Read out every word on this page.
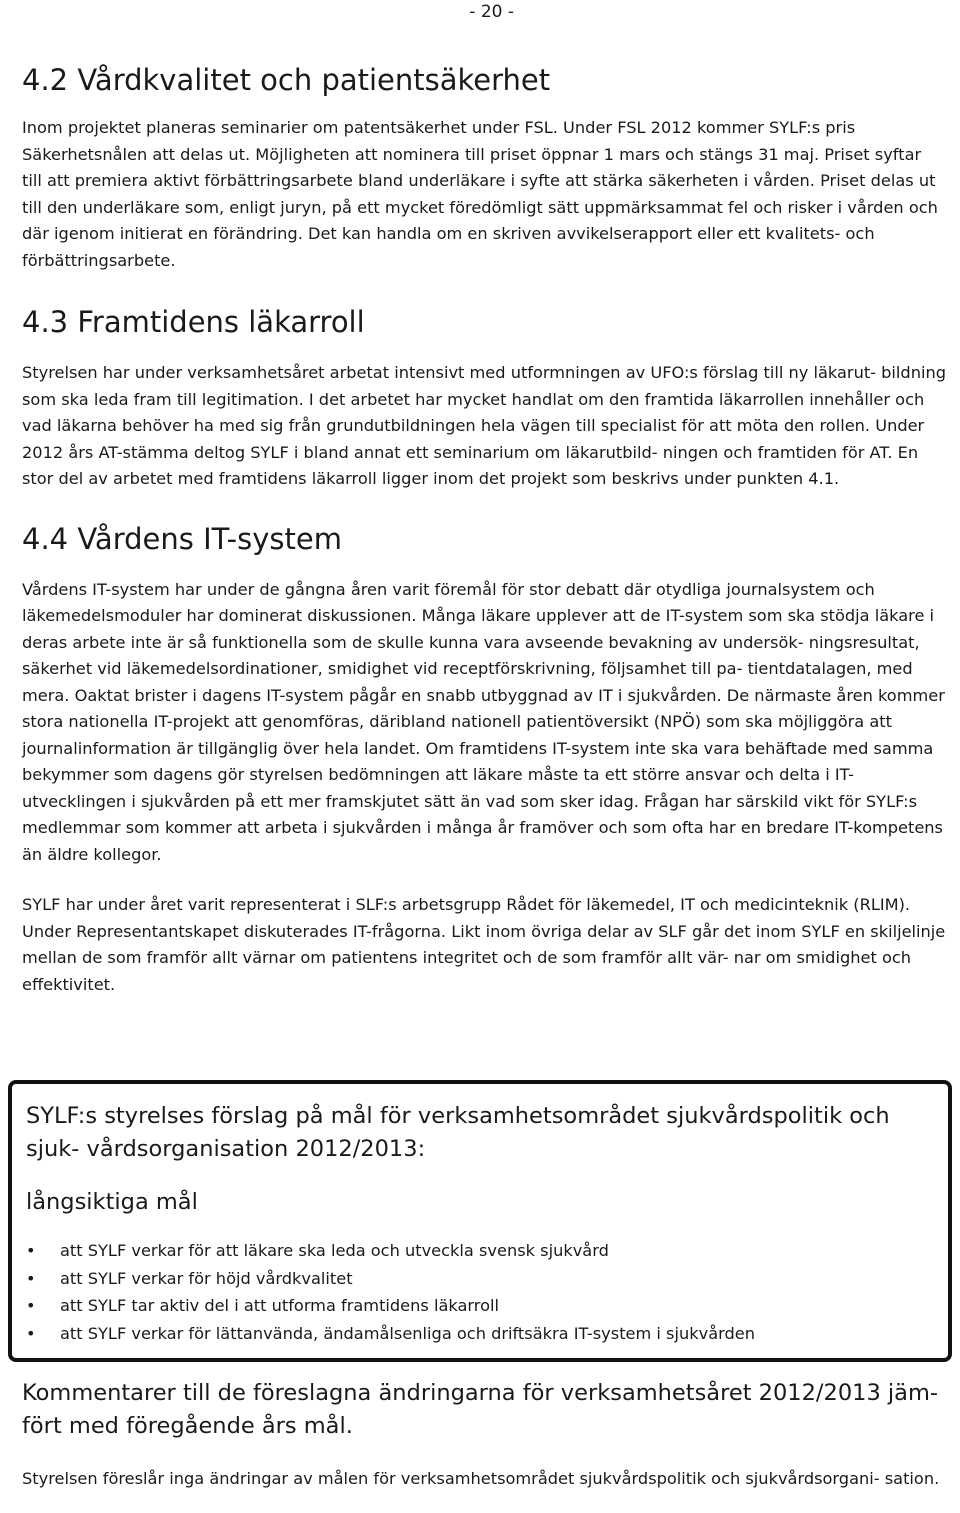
- 20 -
4.2 Vårdkvalitet och patientsäkerhet

Inom projektet planeras seminarier om patentsäkerhet under FSL. Under FSL 2012 kommer SYLF:s pris Säkerhetsnålen att delas ut. Möjligheten att nominera till priset öppnar 1 mars och stängs 31 maj. Priset syftar till att premiera aktivt förbättringsarbete bland underläkare i syfte att stärka säkerheten i vården. Priset delas ut till den underläkare som, enligt juryn, på ett mycket föredömligt sätt uppmärksammat fel och risker i vården och där igenom initierat en förändring. Det kan handla om en skriven avvikelserapport eller ett kvalitets- och förbättringsarbete.

4.3 Framtidens läkarroll

Styrelsen har under verksamhetsåret arbetat intensivt med utformningen av UFO:s förslag till ny läkarut- bildning som ska leda fram till legitimation. I det arbetet har mycket handlat om den framtida läkarrollen innehåller och vad läkarna behöver ha med sig från grundutbildningen hela vägen till specialist för att möta den rollen. Under 2012 års AT-stämma deltog SYLF i bland annat ett seminarium om läkarutbild- ningen och framtiden för AT. En stor del av arbetet med framtidens läkarroll ligger inom det projekt som beskrivs under punkten 4.1.

4.4 Vårdens IT-system

Vårdens IT-system har under de gångna åren varit föremål för stor debatt där otydliga journalsystem och läkemedelsmoduler har dominerat diskussionen. Många läkare upplever att de IT-system som ska stödja läkare i deras arbete inte är så funktionella som de skulle kunna vara avseende bevakning av undersök- ningsresultat, säkerhet vid läkemedelsordinationer, smidighet vid receptförskrivning, följsamhet till pa- tientdatalagen, med mera. Oaktat brister i dagens IT-system pågår en snabb utbyggnad av IT i sjukvården. De närmaste åren kommer stora nationella IT-projekt att genomföras, däribland nationell patientöversikt (NPÖ) som ska möjliggöra att journalinformation är tillgänglig över hela landet. Om framtidens IT-system inte ska vara behäftade med samma bekymmer som dagens gör styrelsen bedömningen att läkare måste ta ett större ansvar och delta i IT-utvecklingen i sjukvården på ett mer framskjutet sätt än vad som sker idag. Frågan har särskild vikt för SYLF:s medlemmar som kommer att arbeta i sjukvården i många år framöver och som ofta har en bredare IT-kompetens än äldre kollegor.

SYLF har under året varit representerat i SLF:s arbetsgrupp Rådet för läkemedel, IT och medicinteknik (RLIM). Under Representantskapet diskuterades IT-frågorna. Likt inom övriga delar av SLF går det inom SYLF en skiljelinje mellan de som framför allt värnar om patientens integritet och de som framför allt vär- nar om smidighet och effektivitet.

SYLF:s styrelses förslag på mål för verksamhetsområdet sjukvårdspolitik och sjuk- vårdsorganisation 2012/2013:
långsiktiga mål
• att SYLF verkar för att läkare ska leda och utveckla svensk sjukvård
• att SYLF verkar för höjd vårdkvalitet
• att SYLF tar aktiv del i att utforma framtidens läkarroll
• att SYLF verkar för lättanvända, ändamålsenliga och driftsäkra IT-system i sjukvården
Kommentarer till de föreslagna ändringarna för verksamhetsåret 2012/2013 jäm- fört med föregående års mål.

Styrelsen föreslår inga ändringar av målen för verksamhetsområdet sjukvårdspolitik och sjukvårdsorgani- sation.
